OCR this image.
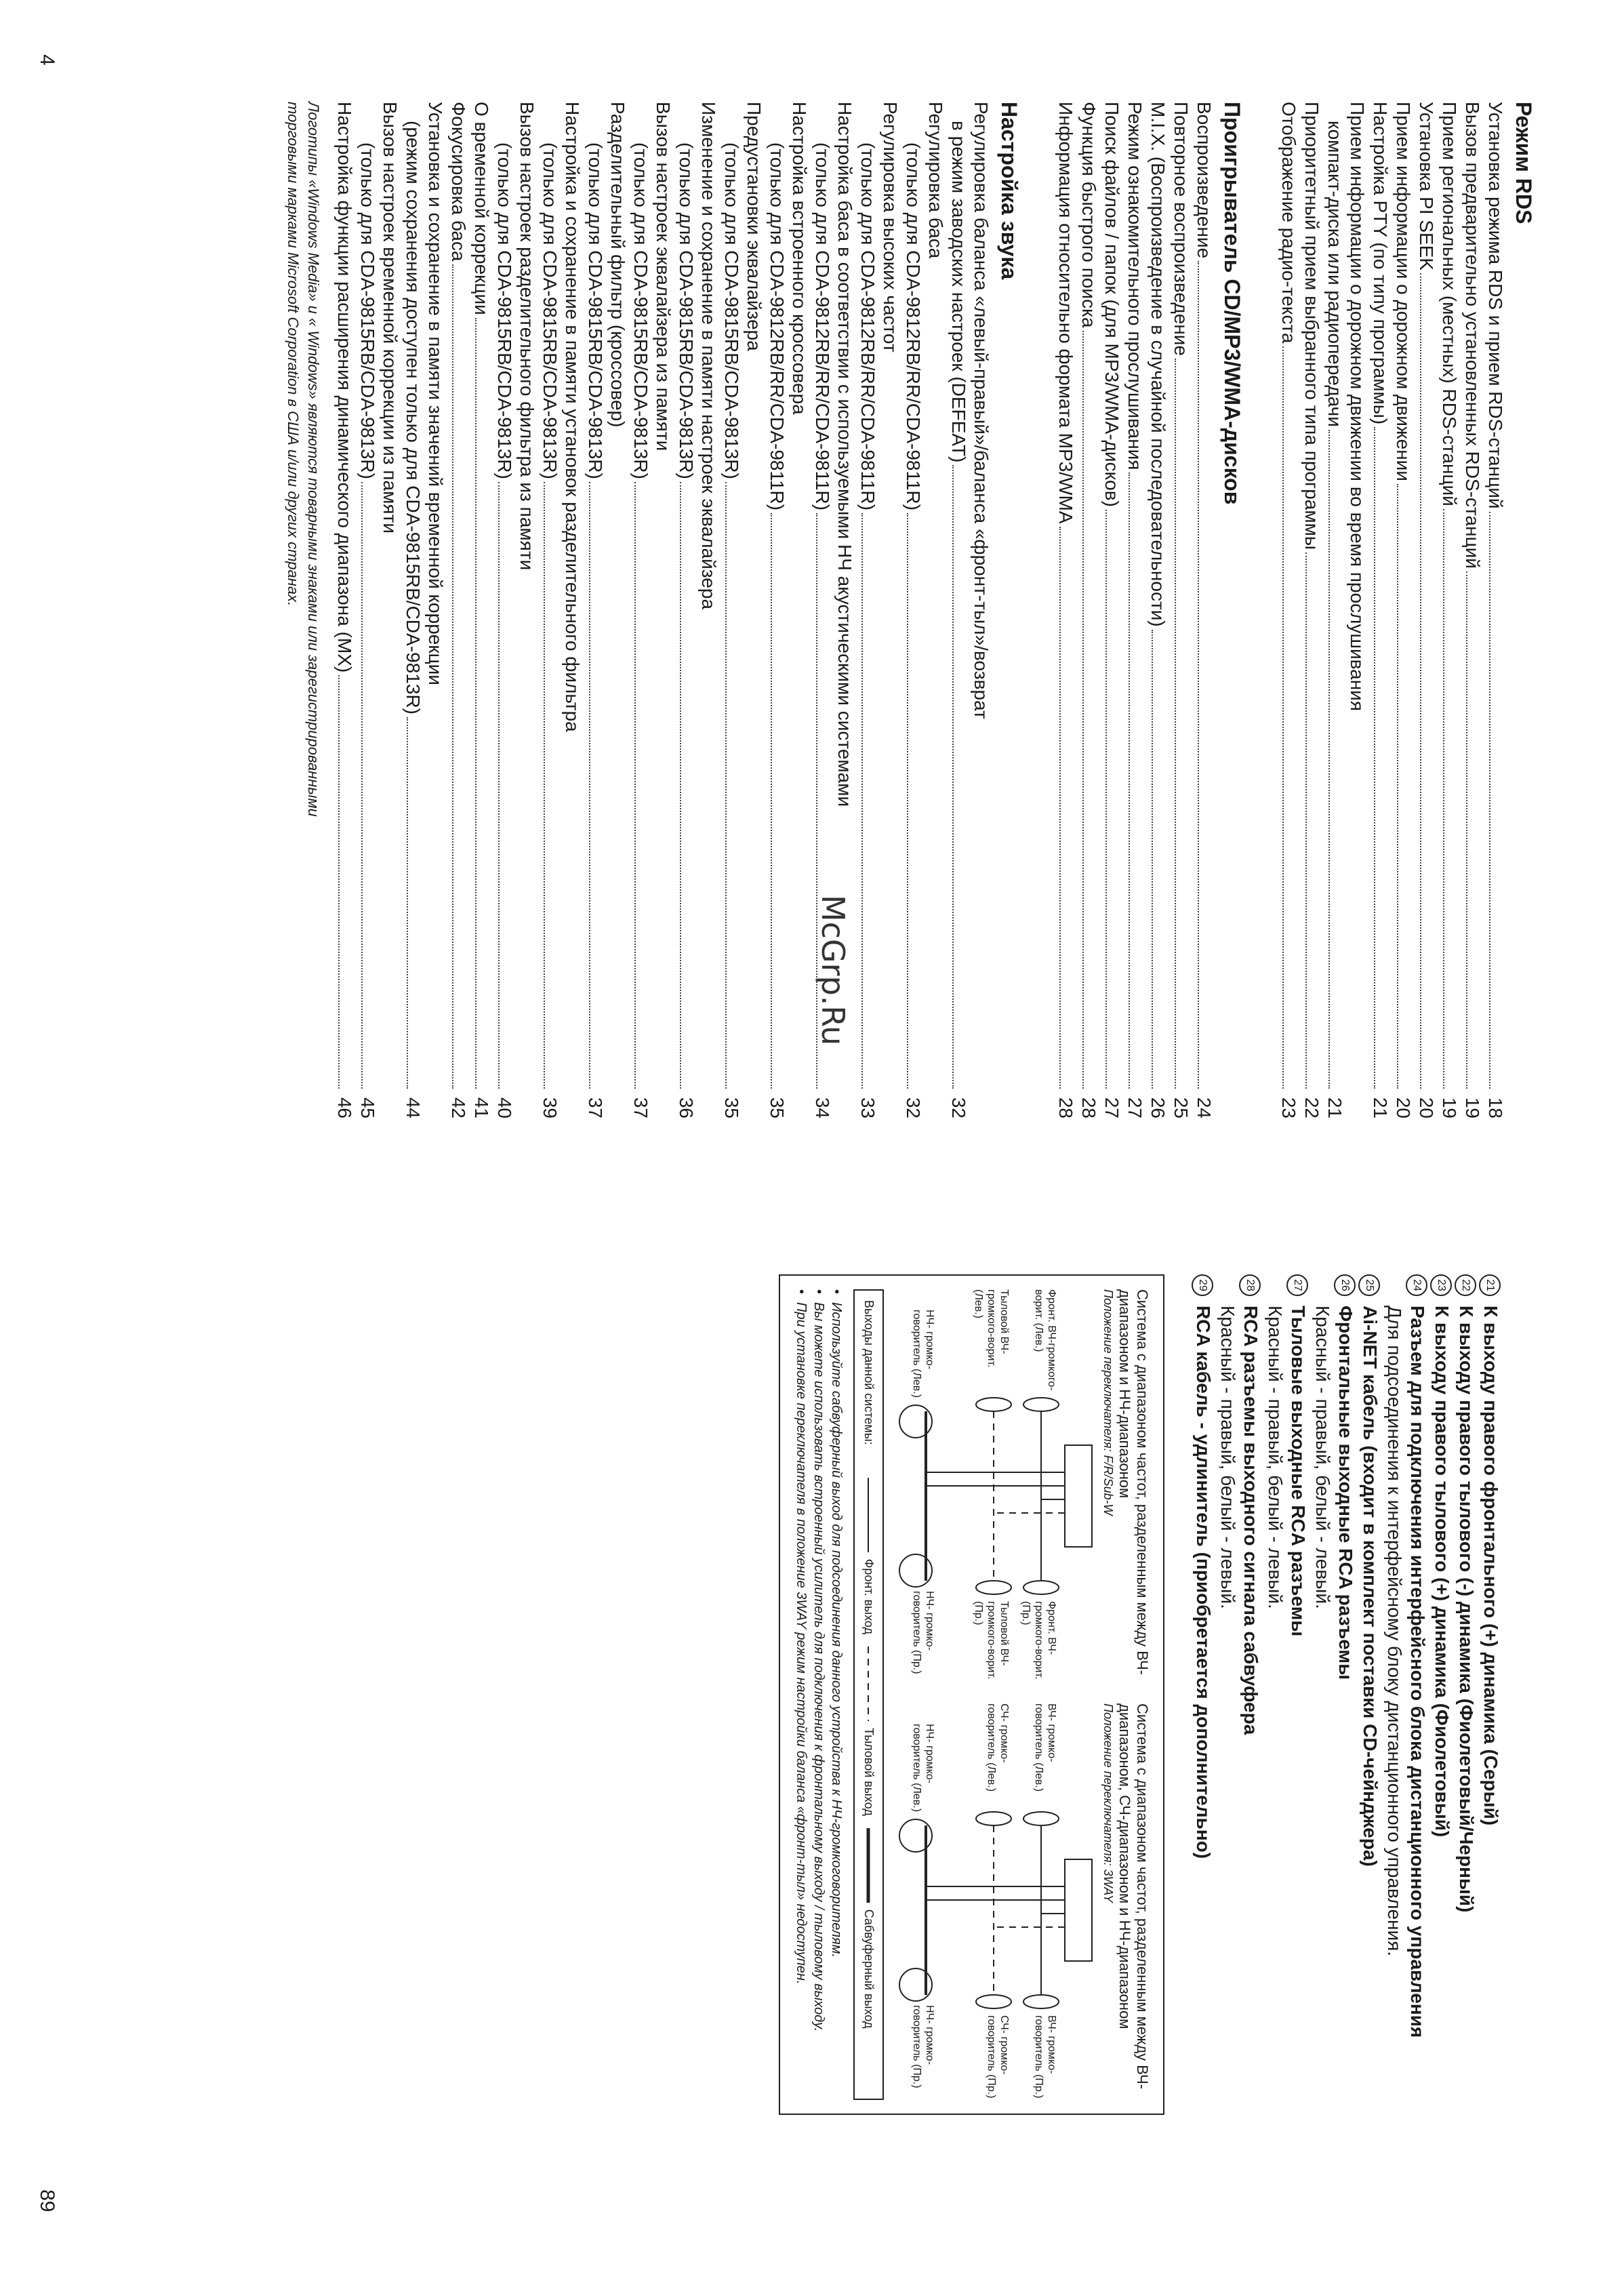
4
89
McGrp.Ru
Режим RDS
Установка режима RDS и прием RDS-станций
18
Вызов предварительно установленных RDS-станций
19
Прием региональных (местных) RDS-станций
19
Установка PI SEEK
20
Прием информации о дорожном движении
20
Настройка PTY (по типу программы)
21
Прием информации о дорожном движении во время прослушивания
компакт-диска или радиопередачи
21
Приоритетный прием выбранного типа программы
22
Отображение радио-текста
23
Проигрыватель CD/MP3/WMA-дисков
Воспроизведение
24
Повторное воспроизведение
25
M.I.X. (Воспроизведение в случайной последовательности)
26
Режим ознакомительного прослушивания
27
Поиск файлов / папок (для MP3/WMA-дисков)
27
Функция быстрого поиска
28
Информация относительно формата MP3/WMA
28
Настройка звука
Регулировка баланса «левый-правый»/баланса «фронт-тыл»/возврат
в режим заводских настроек (DEFEAT)
32
Регулировка баса
(только для CDA-9812RB/RR/CDA-9811R)
32
Регулировка высоких частот
(только для CDA-9812RB/RR/CDA-9811R)
33
Настройка баса в соответствии с используемыми НЧ акустическими системами
(только для CDA-9812RB/RR/CDA-9811R)
34
Настройка встроенного кроссовера
(только для CDA-9812RB/RR/CDA-9811R)
35
Предустановки эквалайзера
(только для CDA-9815RB/CDA-9813R)
35
Изменение и сохранение в памяти настроек эквалайзера
(только для CDA-9815RB/CDA-9813R)
36
Вызов настроек эквалайзера из памяти
(только для CDA-9815RB/CDA-9813R)
37
Разделительный фильтр (кроссовер)
(только для CDA-9815RB/CDA-9813R)
37
Настройка и сохранение в памяти установок разделительного фильтра
(только для CDA-9815RB/CDA-9813R)
39
Вызов настроек разделительного фильтра из памяти
(только для CDA-9815RB/CDA-9813R)
40
О временной коррекции
41
Фокусировка баса
42
Установка и сохранение в памяти значений временной коррекции
(режим сохранения доступен только для CDA-9815RB/CDA-9813R)
44
Вызов настроек временной коррекции из памяти
(только для CDA-9815RB/CDA-9813R)
45
Настройка функции расширения динамического диапазона (MX)
46
Логотипы «Windows Media» и « Windows» являются товарными знаками или зарегистрированными
торговыми марками Microsoft Corporation в США и/или других странах.
21
К выходу правого фронтального (+) динамика (Серый)
22
К выходу правого тылового (-) динамика (Фиолетовый/Черный)
23
К выходу правого тылового (+) динамика (Фиолетовый)
24
Разъем для подключения интерфейсного блока дистанционного управления
Для подсоединения к интерфейсному блоку дистанционного управления.
25
Ai-NET кабель (входит в комплект поставки CD-чейнджера)
26
Фронтальные выходные RCA разъемы
Красный - правый, белый - левый.
27
Тыловые выходные RCA разъемы
Красный - правый, белый - левый.
28
RCA разъемы выходного сигнала сабвуфера
Красный - правый, белый - левый.
29
RCA кабель - удлинитель (приобретается дополнительно)
Система с диапазоном частот, разделенным между ВЧ-диапазоном и НЧ-диапазоном
Положение переключателя: F/R/Sub-W
Фронт. ВЧ-громкого-ворит. (Лев.)
Фронт. ВЧ-громкого-ворит. (Пр.)
Тыловой ВЧ-громкого-ворит. (Лев.)
Тыловой ВЧ-громкого-ворит. (Пр.)
НЧ- громко-говоритель (Лев.)
НЧ- громко-говоритель (Пр.)
Система с диапазоном частот, разделенным между ВЧ-диапазоном, СЧ-диапазоном и НЧ-диапазоном
Положение переключателя: 3WAY
ВЧ- громко-говоритель (Лев.)
ВЧ- громко-говоритель (Пр.)
СЧ- громко-говоритель (Лев.)
СЧ- громко-говоритель (Пр.)
НЧ- громко-говоритель (Лев.)
НЧ- громко-говоритель (Пр.)
Выходы данной системы:
Фронт. выход
Тыловой выход
Сабвуферный выход
•
Используйте сабвуферный выход для подсоединения данного устройства к НЧ-громкоговорителям.
•
Вы можете использовать встроенный усилитель для подключения к фронтальному выходу / тыловому выходу.
•
При установке переключателя в положение 3WAY режим настройки баланса «фронт-тыл» недоступен.
